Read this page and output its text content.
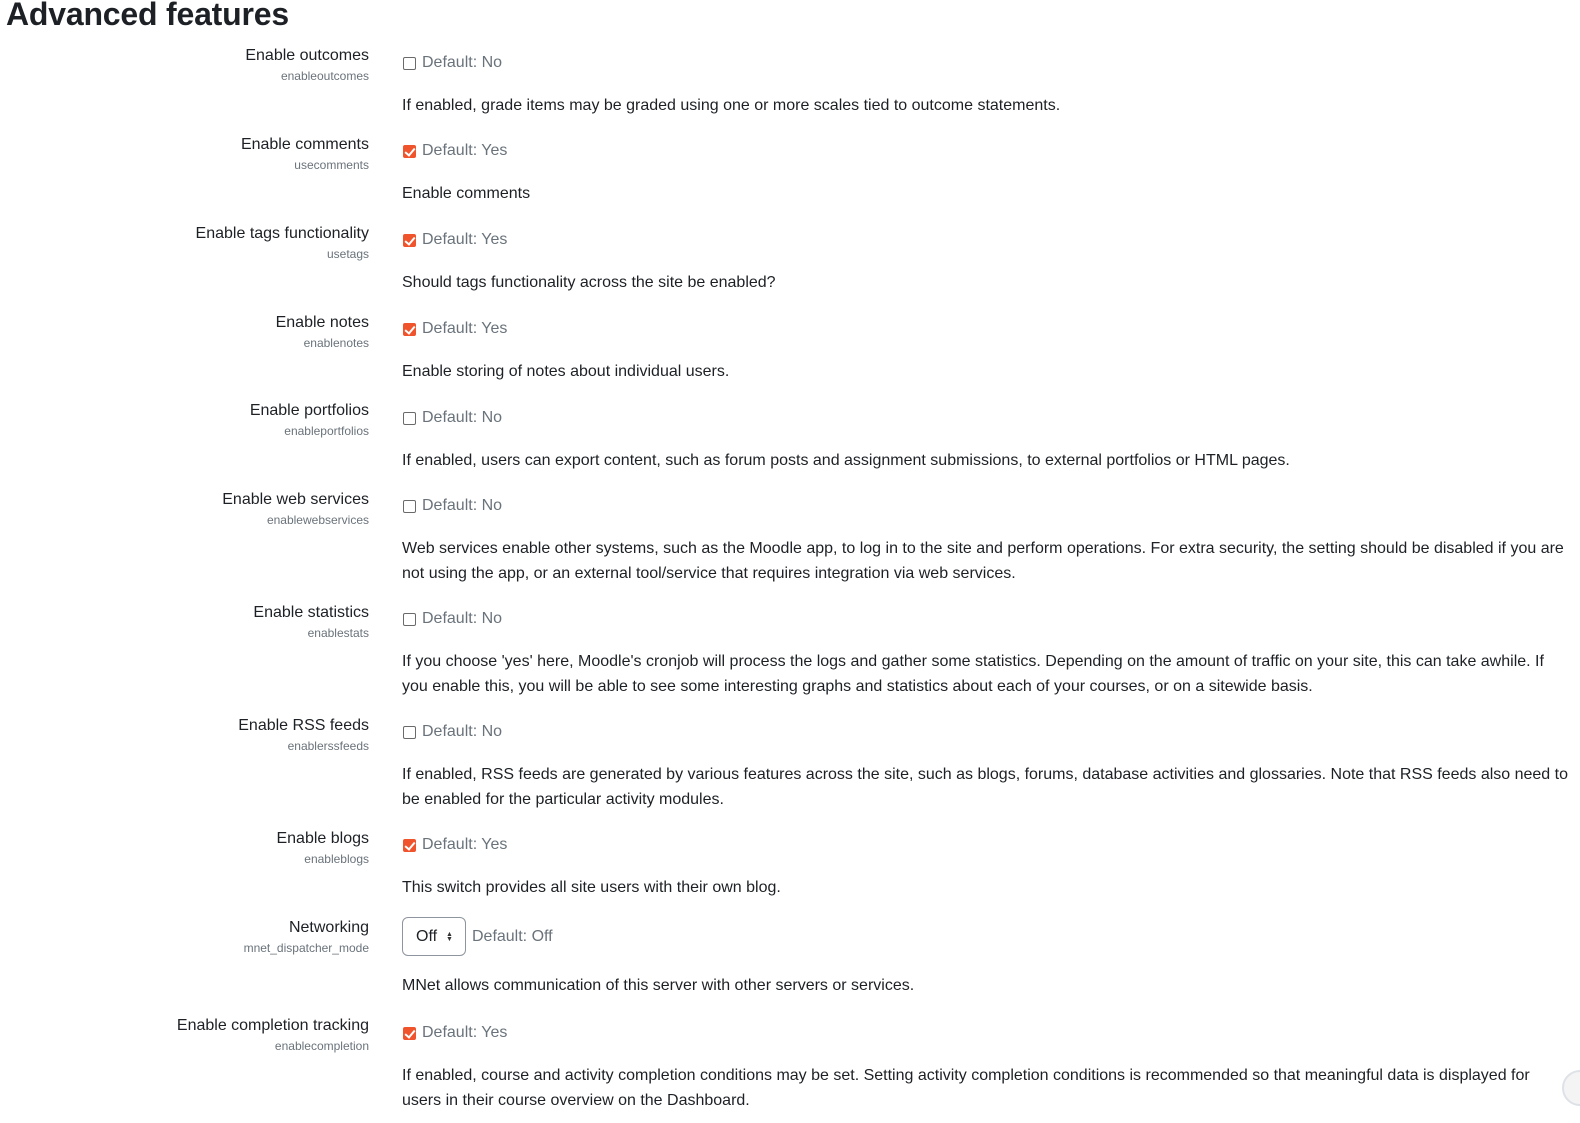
Advanced features
Enable outcomes
enableoutcomes
Default: No
If enabled, grade items may be graded using one or more scales tied to outcome statements.
Enable comments
usecomments
Default: Yes
Enable comments
Enable tags functionality
usetags
Default: Yes
Should tags functionality across the site be enabled?
Enable notes
enablenotes
Default: Yes
Enable storing of notes about individual users.
Enable portfolios
enableportfolios
Default: No
If enabled, users can export content, such as forum posts and assignment submissions, to external portfolios or HTML pages.
Enable web services
enablewebservices
Default: No
Web services enable other systems, such as the Moodle app, to log in to the site and perform operations. For extra security, the setting should be disabled if you are not using the app, or an external tool/service that requires integration via web services.
Enable statistics
enablestats
Default: No
If you choose 'yes' here, Moodle's cronjob will process the logs and gather some statistics. Depending on the amount of traffic on your site, this can take awhile. If you enable this, you will be able to see some interesting graphs and statistics about each of your courses, or on a sitewide basis.
Enable RSS feeds
enablerssfeeds
Default: No
If enabled, RSS feeds are generated by various features across the site, such as blogs, forums, database activities and glossaries. Note that RSS feeds also need to be enabled for the particular activity modules.
Enable blogs
enableblogs
Default: Yes
This switch provides all site users with their own blog.
Networking
mnet_dispatcher_mode
Off ▲
▼ Default: Off
MNet allows communication of this server with other servers or services.
Enable completion tracking
enablecompletion
Default: Yes
If enabled, course and activity completion conditions may be set. Setting activity completion conditions is recommended so that meaningful data is displayed for users in their course overview on the Dashboard.
